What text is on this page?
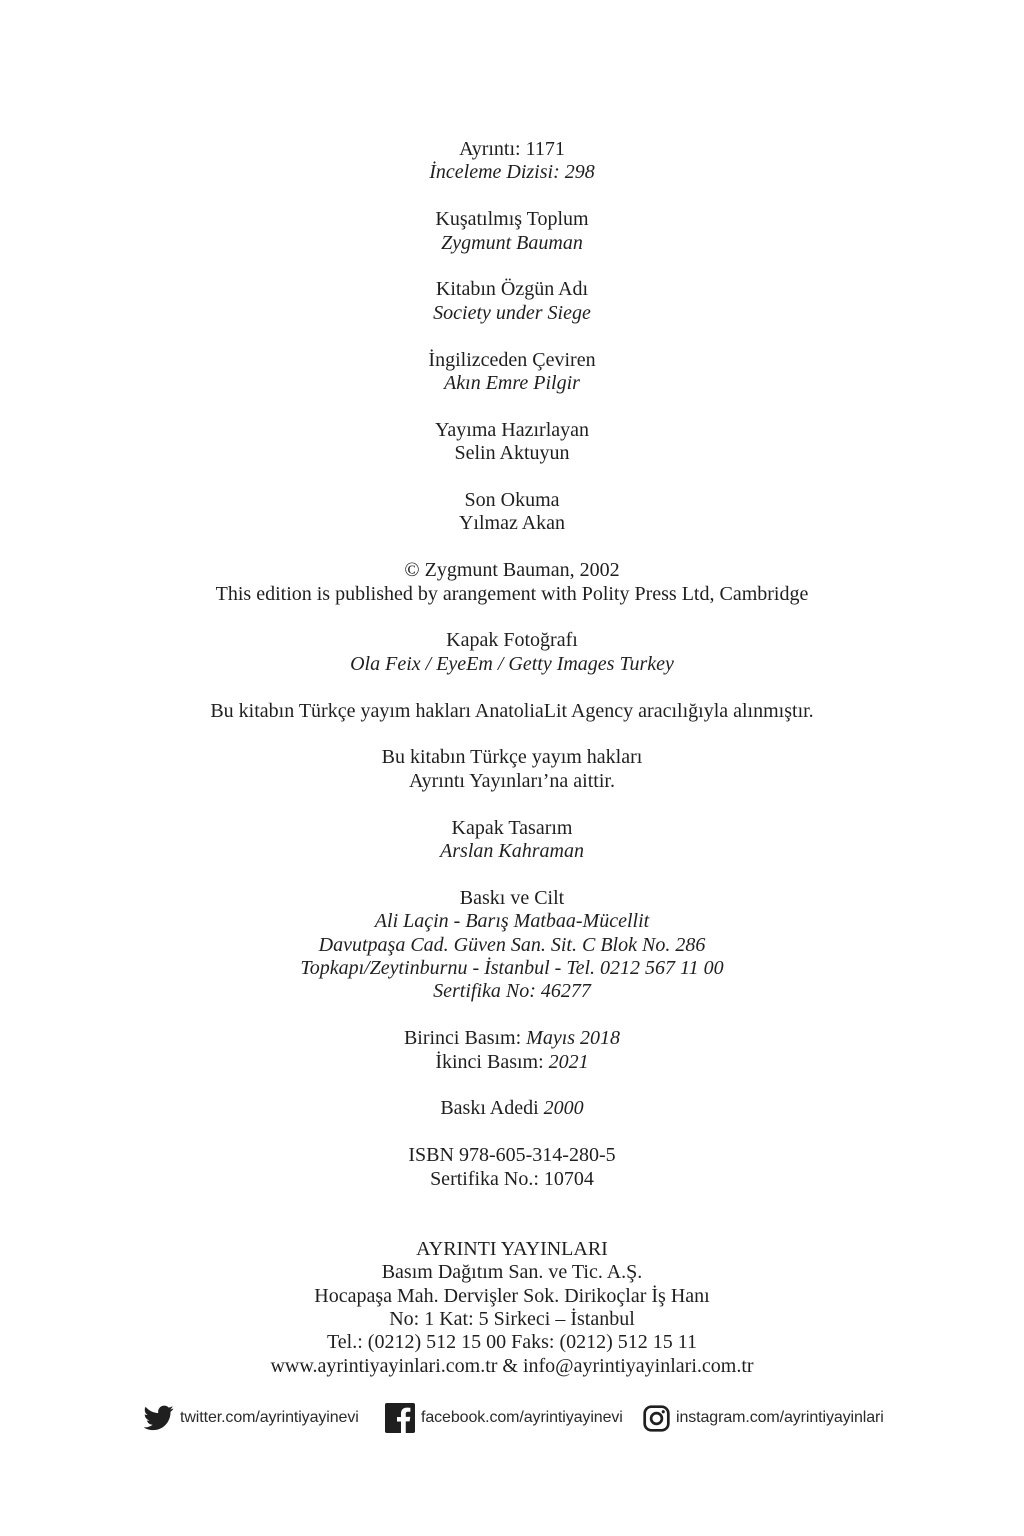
Ayrıntı: 1171
İnceleme Dizisi: 298
Kuşatılmış Toplum
Zygmunt Bauman
Kitabın Özgün Adı
Society under Siege
İngilizceden Çeviren
Akın Emre Pilgir
Yayıma Hazırlayan
Selin Aktuyun
Son Okuma
Yılmaz Akan
© Zygmunt Bauman, 2002
This edition is published by arangement with Polity Press Ltd, Cambridge
Kapak Fotoğrafı
Ola Feix / EyeEm / Getty Images Turkey
Bu kitabın Türkçe yayım hakları AnatoliaLit Agency aracılığıyla alınmıştır.
Bu kitabın Türkçe yayım hakları
Ayrıntı Yayınları’na aittir.
Kapak Tasarım
Arslan Kahraman
Baskı ve Cilt
Ali Laçin - Barış Matbaa-Mücellit
Davutpaşa Cad. Güven San. Sit. C Blok No. 286
Topkapı/Zeytinburnu - İstanbul - Tel. 0212 567 11 00
Sertifika No: 46277
Birinci Basım: Mayıs 2018
İkinci Basım: 2021
Baskı Adedi 2000
ISBN 978-605-314-280-5
Sertifika No.: 10704
AYRINTI YAYINLARI
Basım Dağıtım San. ve Tic. A.Ş.
Hocapaşa Mah. Dervişler Sok. Dirikoçlar İş Hanı
No: 1 Kat: 5 Sirkeci – İstanbul
Tel.: (0212) 512 15 00 Faks: (0212) 512 15 11
www.ayrintiyayinlari.com.tr & info@ayrintiyayinlari.com.tr
twitter.com/ayrintiyayinevi	facebook.com/ayrintiyayinevi	instagram.com/ayrintiyayinlari
